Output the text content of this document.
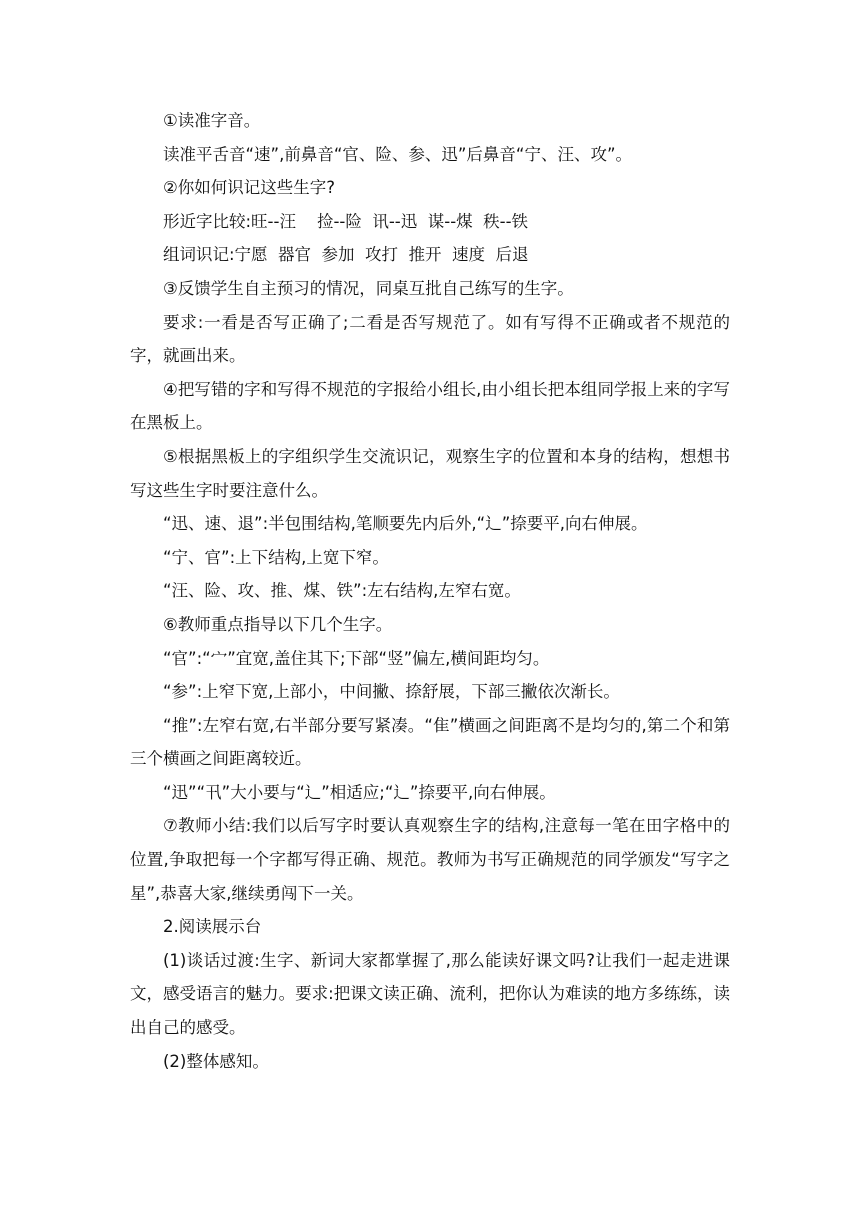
①读准字音。

读准平舌音“速”,前鼻音“官、险、参、迅”后鼻音“宁、汪、攻”。

②你如何识记这些生字?

形近字比较:旺--汪    捡--险  讯--迅  谋--煤  秩--铁

组词识记:宁愿  器官  参加  攻打  推开  速度  后退

③反馈学生自主预习的情况，同桌互批自己练写的生字。

要求:一看是否写正确了;二看是否写规范了。如有写得不正确或者不规范的字，就画出来。

④把写错的字和写得不规范的字报给小组长,由小组长把本组同学报上来的字写在黑板上。

⑤根据黑板上的字组织学生交流识记，观察生字的位置和本身的结构，想想书写这些生字时要注意什么。

“迅、速、退”:半包围结构,笔顺要先内后外,“辶”捺要平,向右伸展。

“宁、官”:上下结构,上宽下窄。

“汪、险、攻、推、煤、铁”:左右结构,左窄右宽。

⑥教师重点指导以下几个生字。

“官”:“宀”宜宽,盖住其下;下部“竖”偏左,横间距均匀。

“参”:上窄下宽,上部小，中间撇、捺舒展，下部三撇依次渐长。

“推”:左窄右宽,右半部分要写紧凑。“隹”横画之间距离不是均匀的,第二个和第三个横画之间距离较近。

“迅”“卂”大小要与“辶”相适应;“辶”捺要平,向右伸展。

⑦教师小结:我们以后写字时要认真观察生字的结构,注意每一笔在田字格中的位置,争取把每一个字都写得正确、规范。教师为书写正确规范的同学颁发“写字之星”,恭喜大家,继续勇闯下一关。

2.阅读展示台

(1)谈话过渡:生字、新词大家都掌握了,那么能读好课文吗?让我们一起走进课文，感受语言的魅力。要求:把课文读正确、流利，把你认为难读的地方多练练，读出自己的感受。

(2)整体感知。
